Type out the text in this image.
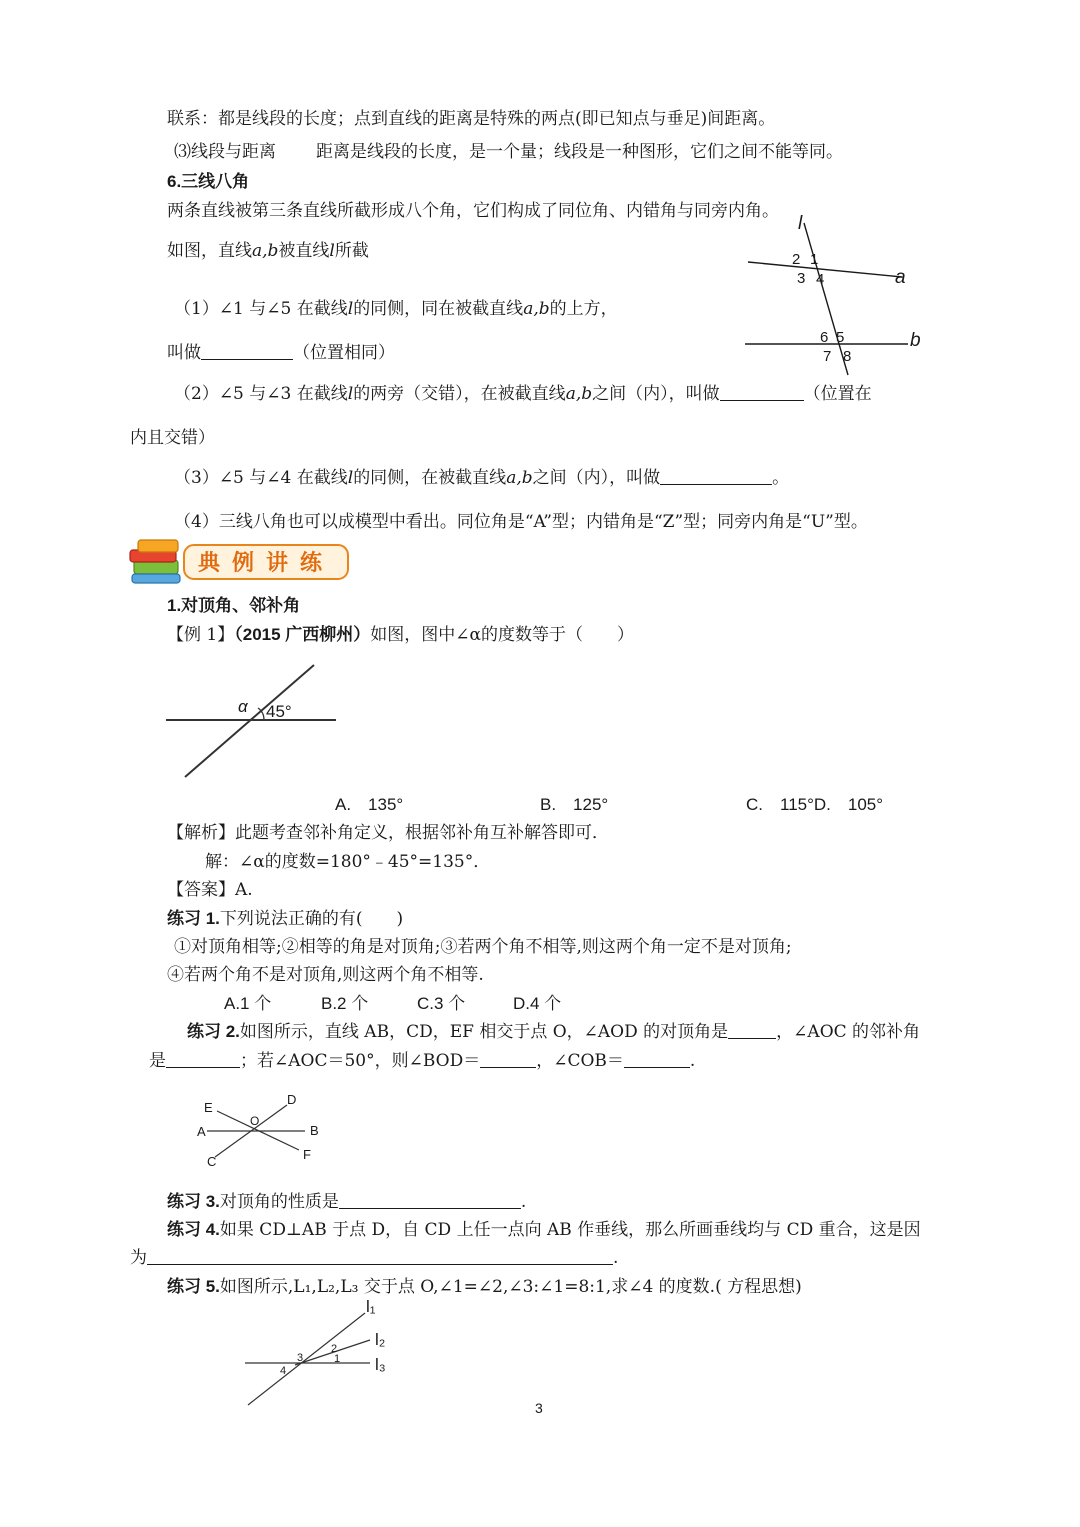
联系：都是线段的长度；点到直线的距离是特殊的两点(即已知点与垂足)间距离。
⑶线段与距离 距离是线段的长度，是一个量；线段是一种图形，它们之间不能等同。
6.三线八角
两条直线被第三条直线所截形成八个角，它们构成了同位角、内错角与同旁内角。
如图，直线a,b被直线l所截
l
a
b
2 1
3 4
6 5
7 8
（1）∠1 与∠5 在截线l的同侧，同在被截直线a,b的上方，
叫做	（位置相同）
（2）∠5 与∠3 在截线l的两旁（交错），在被截直线a,b之间（内），叫做	（位置在
内且交错）
（3）∠5 与∠4 在截线l的同侧，在被截直线a,b之间（内），叫做	。
（4）三线八角也可以成模型中看出。同位角是“A”型；内错角是“Z”型；同旁内角是“U”型。
典例讲练
1.对顶角、邻补角
【例 1】（2015 广西柳州）如图，图中∠α的度数等于（　　）
α 45°
A.　135°	B.　125°	C.　115°D.　105°
【解析】此题考查邻补角定义，根据邻补角互补解答即可．
解：∠α的度数=180°﹣45°=135°．
【答案】A.
练习 1.下列说法正确的有(　　)
①对顶角相等;②相等的角是对顶角;③若两个角不相等,则这两个角一定不是对顶角;
④若两个角不是对顶角,则这两个角不相等.
A.1 个	B.2 个	C.3 个	D.4 个
练习 2.如图所示，直线 AB，CD，EF 相交于点 O，∠AOD 的对顶角是	，∠AOC 的邻补角
是	；若∠AOC＝50°，则∠BOD＝	，∠COB＝	.
E
D
A
O
B
C	F
练习 3.对顶角的性质是	.
练习 4.如果 CD⊥AB 于点 D，自 CD 上任一点向 AB 作垂线，那么所画垂线均与 CD 重合，这是因
为	.
练习 5.如图所示,L₁,L₂,L₃ 交于点 O,∠1=∠2,∠3:∠1=8:1,求∠4 的度数.( 方程思想)
l₁
l₂
l₃
2
1
3
4
3
